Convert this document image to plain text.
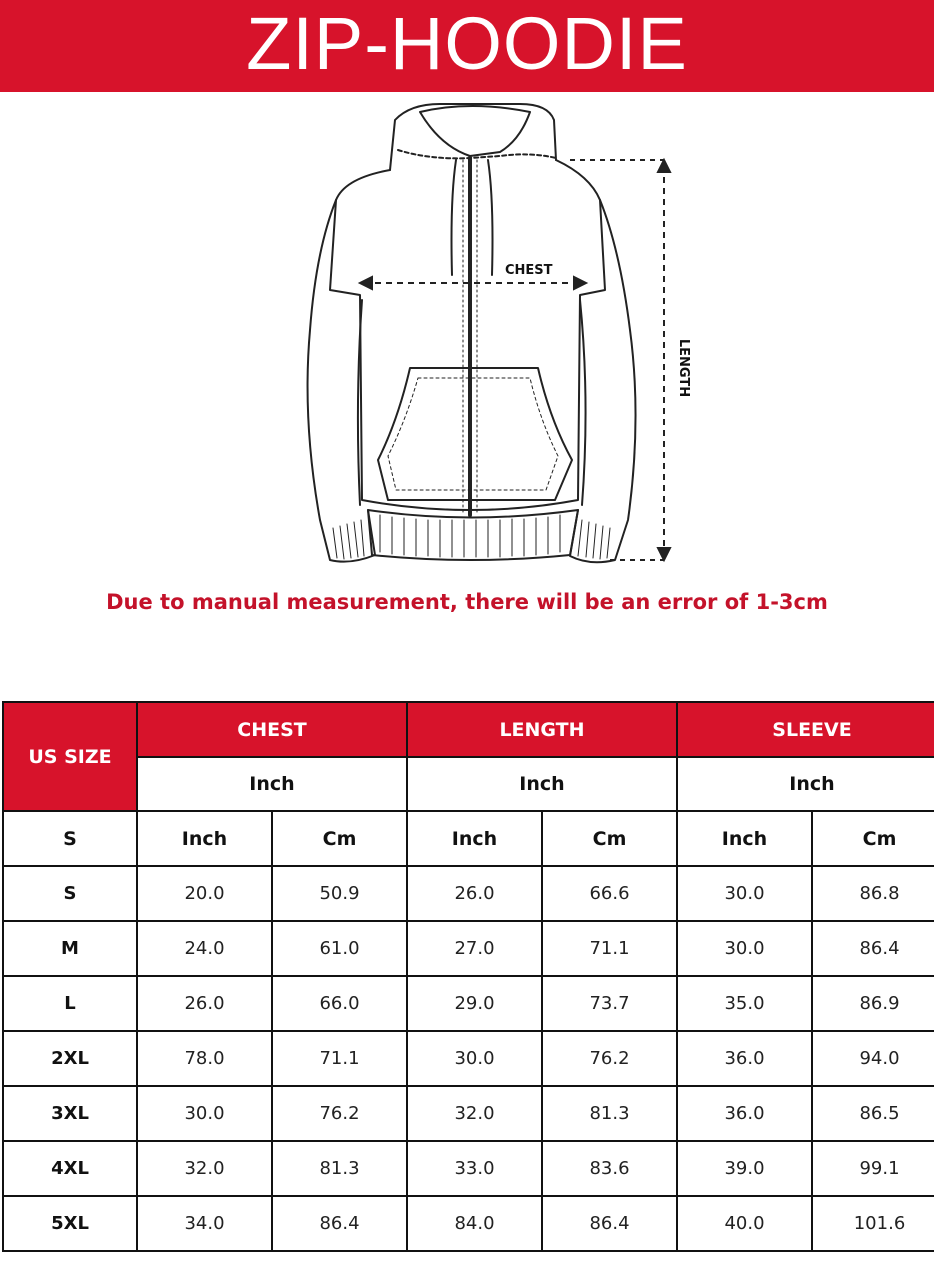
ZIP-HOODIE
CHEST
LENGTH
Due to manual measurement, there will be an error of 1-3cm
US SIZE	CHEST		LENGTH		SLEEVE	
	Inch		Inch		Inch	
S	Inch	Cm	Inch	Cm	Inch	Cm
S	20.0	50.9	26.0	66.6	30.0	86.8
M	24.0	61.0	27.0	71.1	30.0	86.4
L	26.0	66.0	29.0	73.7	35.0	86.9
2XL	78.0	71.1	30.0	76.2	36.0	94.0
3XL	30.0	76.2	32.0	81.3	36.0	86.5
4XL	32.0	81.3	33.0	83.6	39.0	99.1
5XL	34.0	86.4	84.0	86.4	40.0	101.6
